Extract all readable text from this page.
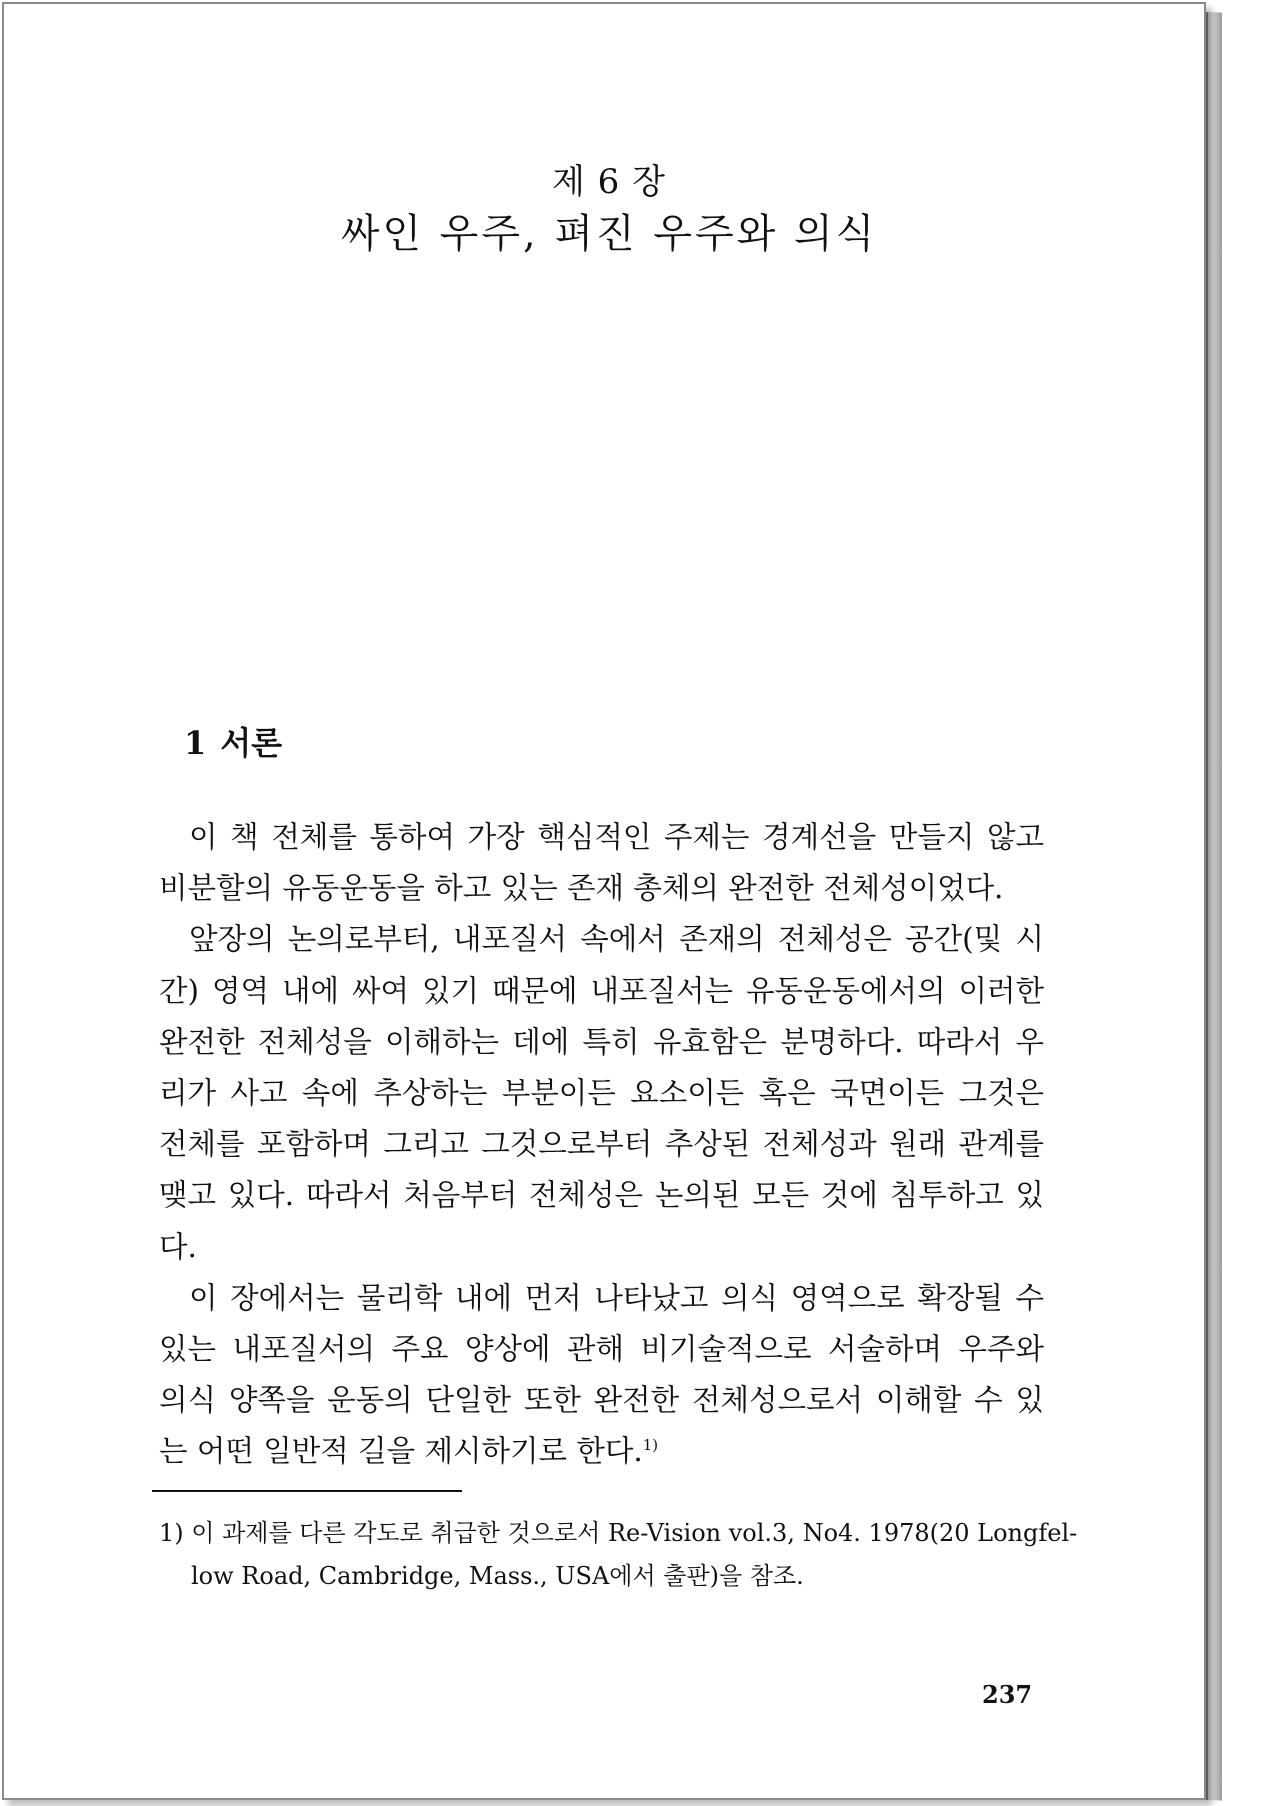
제 6 장
싸인 우주, 펴진 우주와 의식
1 서론
이 책 전체를 통하여 가장 핵심적인 주제는 경계선을 만들지 않고
비분할의 유동운동을 하고 있는 존재 총체의 완전한 전체성이었다.
앞장의 논의로부터, 내포질서 속에서 존재의 전체성은 공간(및 시
간) 영역 내에 싸여 있기 때문에 내포질서는 유동운동에서의 이러한
완전한 전체성을 이해하는 데에 특히 유효함은 분명하다. 따라서 우
리가 사고 속에 추상하는 부분이든 요소이든 혹은 국면이든 그것은
전체를 포함하며 그리고 그것으로부터 추상된 전체성과 원래 관계를
맺고 있다. 따라서 처음부터 전체성은 논의된 모든 것에 침투하고 있
다.
이 장에서는 물리학 내에 먼저 나타났고 의식 영역으로 확장될 수
있는 내포질서의 주요 양상에 관해 비기술적으로 서술하며 우주와
의식 양쪽을 운동의 단일한 또한 완전한 전체성으로서 이해할 수 있
는 어떤 일반적 길을 제시하기로 한다.$^{1)}$
1) 이 과제를 다른 각도로 취급한 것으로서 Re-Vision vol.3, No4. 1978(20 Longfel-
low Road, Cambridge, Mass., USA에서 출판)을 참조.
237
